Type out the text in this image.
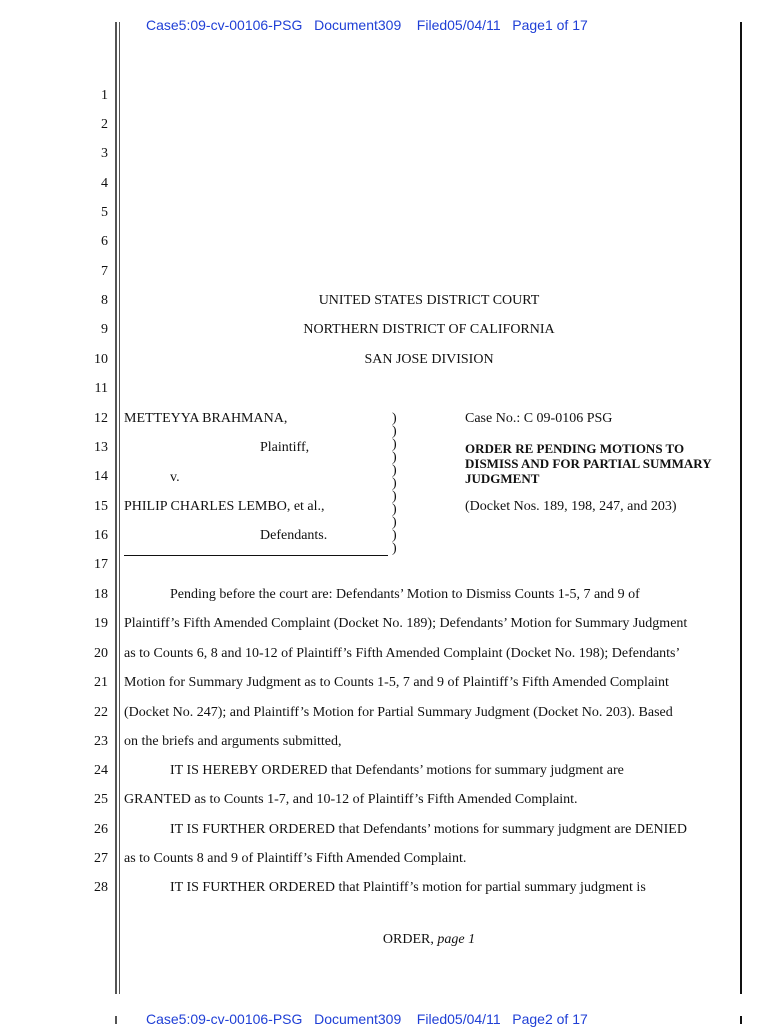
Case5:09-cv-00106-PSG   Document309    Filed05/04/11   Page1 of 17
1
2
3
4
5
6
7
8
9
10
11
12
13
14
15
16
17
18
19
20
21
22
23
24
25
26
27
28
UNITED STATES DISTRICT COURT
NORTHERN DISTRICT OF CALIFORNIA
SAN JOSE DIVISION
METTEYYA BRAHMANA,
Plaintiff,
v.
PHILIP CHARLES LEMBO, et al.,
Defendants.
)
)
)
)
)
)
)
)
)
)
)
Case No.: C 09-0106 PSG
ORDER RE PENDING MOTIONS TO
DISMISS AND FOR PARTIAL SUMMARY
JUDGMENT
(Docket Nos. 189, 198, 247, and 203)
Pending before the court are: Defendants’ Motion to Dismiss Counts 1-5, 7 and 9 of
Plaintiff’s Fifth Amended Complaint (Docket No. 189); Defendants’ Motion for Summary Judgment
as to Counts 6, 8 and 10-12 of Plaintiff’s Fifth Amended Complaint (Docket No. 198); Defendants’
Motion for Summary Judgment as to Counts 1-5, 7 and 9 of Plaintiff’s Fifth Amended Complaint
(Docket No. 247); and Plaintiff’s Motion for Partial Summary Judgment (Docket No. 203). Based
on the briefs and arguments submitted,
IT IS HEREBY ORDERED that Defendants’ motions for summary judgment are
GRANTED as to Counts 1-7, and 10-12 of Plaintiff’s Fifth Amended Complaint.
IT IS FURTHER ORDERED that Defendants’ motions for summary judgment are DENIED
as to Counts 8 and 9 of Plaintiff’s Fifth Amended Complaint.
IT IS FURTHER ORDERED that Plaintiff’s motion for partial summary judgment is
ORDER, page 1
Case5:09-cv-00106-PSG   Document309    Filed05/04/11   Page2 of 17
